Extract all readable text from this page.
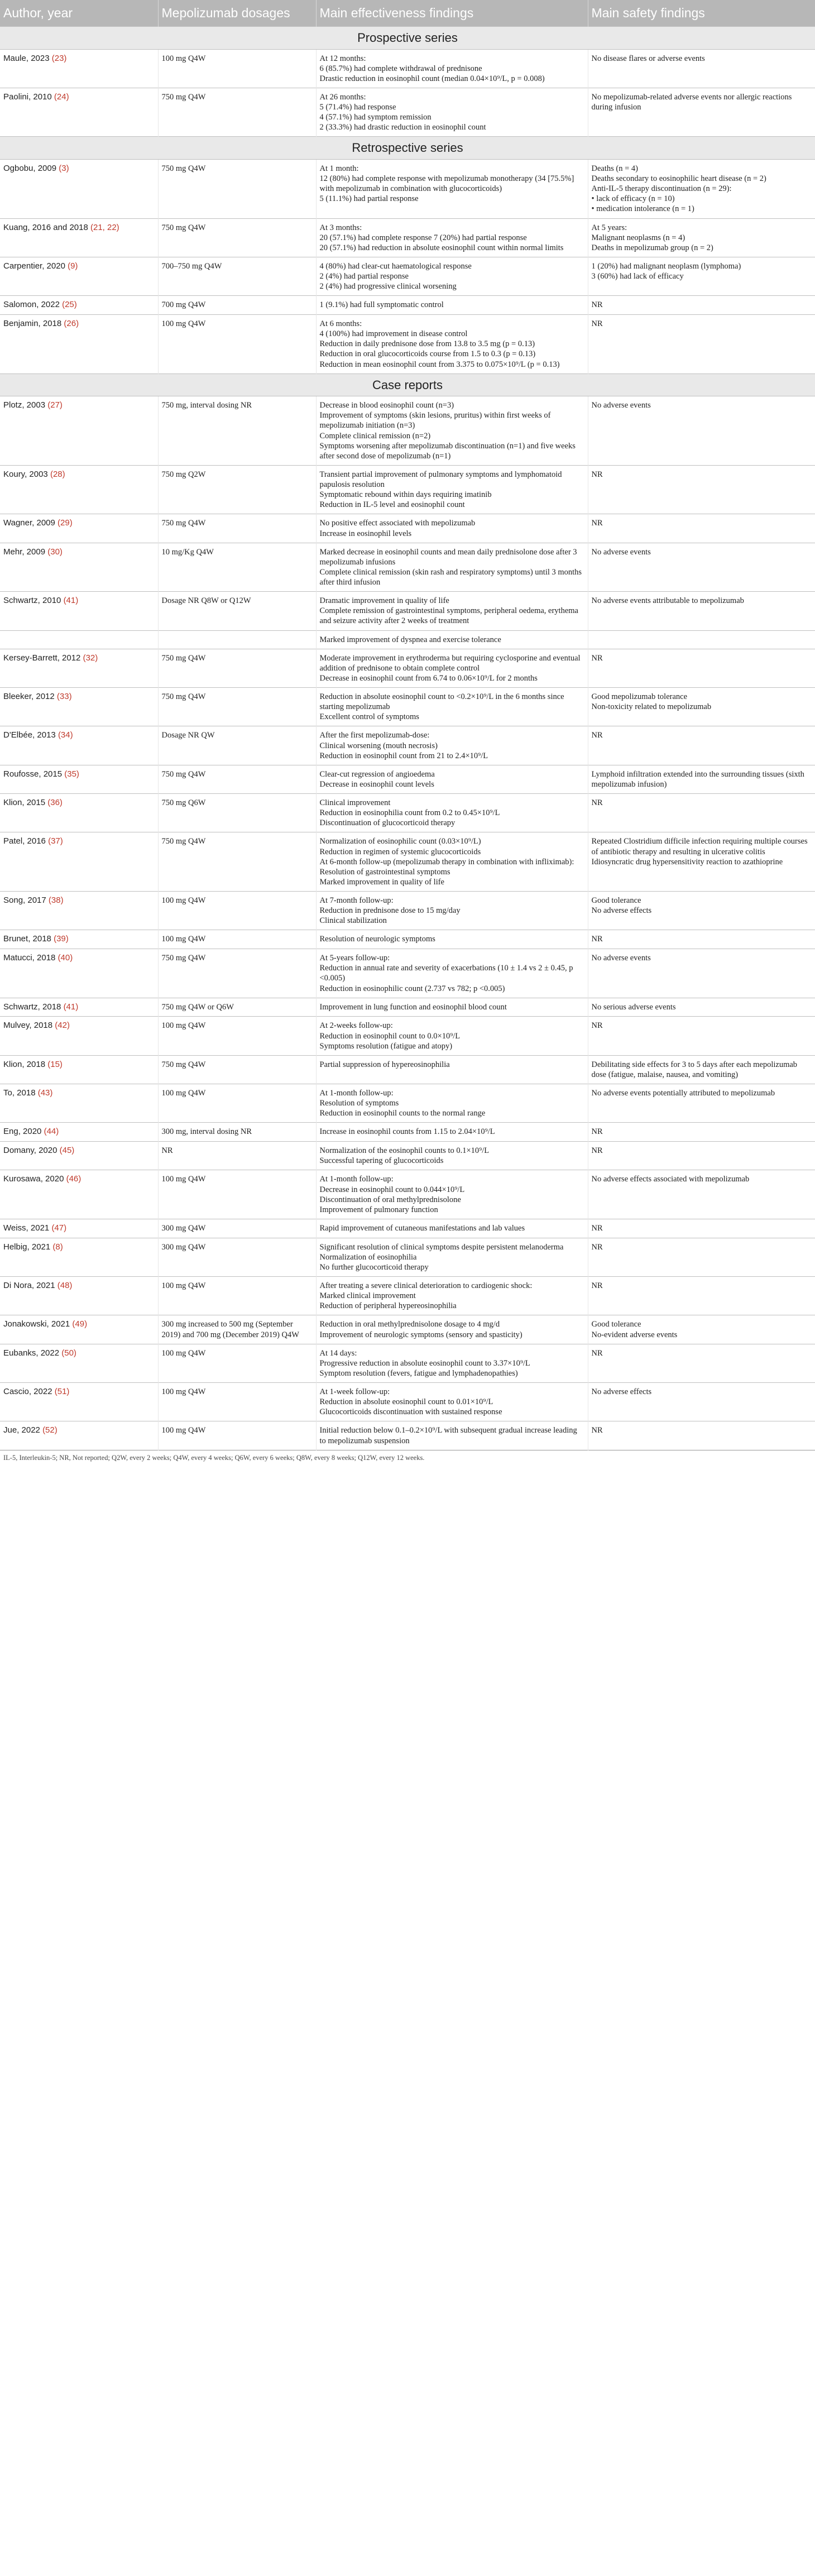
Author, year	Mepolizumab dosages	Main effectiveness findings	Main safety findings
Prospective series			
Maule, 2023 (23)	100 mg Q4W	At 12 months:
6 (85.7%) had complete withdrawal of prednisone
Drastic reduction in eosinophil count (median 0.04×10⁹/L, p = 0.008)	No disease flares or adverse events

Paolini, 2010 (24)	750 mg Q4W	At 26 months:
5 (71.4%) had response
4 (57.1%) had symptom remission
2 (33.3%) had drastic reduction in eosinophil count	No mepolizumab-related adverse events nor allergic reactions during infusion

Retrospective series			
Ogbobu, 2009 (3)	750 mg Q4W	At 1 month:
12 (80%) had complete response with mepolizumab monotherapy (34 [75.5%] with mepolizumab in combination with glucocorticoids)
5 (11.1%) had partial response	Deaths (n = 4)
Deaths secondary to eosinophilic heart disease (n = 2)
Anti-IL-5 therapy discontinuation (n = 29):
• lack of efficacy (n = 10)
• medication intolerance (n = 1)

Kuang, 2016 and 2018 (21, 22)	750 mg Q4W	At 3 months:
20 (57.1%) had complete response 7 (20%) had partial response
20 (57.1%) had reduction in absolute eosinophil count within normal limits	At 5 years:
Malignant neoplasms (n = 4)
Deaths in mepolizumab group (n = 2)

Carpentier, 2020 (9)	700–750 mg Q4W	4 (80%) had clear-cut haematological response
2 (4%) had partial response
2 (4%) had progressive clinical worsening	1 (20%) had malignant neoplasm (lymphoma)
3 (60%) had lack of efficacy

Salomon, 2022 (25)	700 mg Q4W	1 (9.1%) had full symptomatic control	NR

Benjamin, 2018 (26)	100 mg Q4W	At 6 months:
4 (100%) had improvement in disease control
Reduction in daily prednisone dose from 13.8 to 3.5 mg (p = 0.13)
Reduction in oral glucocorticoids course from 1.5 to 0.3 (p = 0.13)
Reduction in mean eosinophil count from 3.375 to 0.075×10⁹/L (p = 0.13)	NR

Case reports			
Plotz, 2003 (27)	750 mg, interval dosing NR	Decrease in blood eosinophil count (n=3)
Improvement of symptoms (skin lesions, pruritus) within first weeks of mepolizumab initiation (n=3)
Complete clinical remission (n=2)
Symptoms worsening after mepolizumab discontinuation (n=1) and five weeks after second dose of mepolizumab (n=1)	No adverse events

Koury, 2003 (28)	750 mg Q2W	Transient partial improvement of pulmonary symptoms and lymphomatoid papulosis resolution
Symptomatic rebound within days requiring imatinib
Reduction in IL-5 level and eosinophil count	NR

Wagner, 2009 (29)	750 mg Q4W	No positive effect associated with mepolizumab
Increase in eosinophil levels	NR

Mehr, 2009 (30)	10 mg/Kg Q4W	Marked decrease in eosinophil counts and mean daily prednisolone dose after 3 mepolizumab infusions
Complete clinical remission (skin rash and respiratory symptoms) until 3 months after third infusion	No adverse events

Schwartz, 2010 (41)	Dosage NR Q8W or Q12W	Dramatic improvement in quality of life
Complete remission of gastrointestinal symptoms, peripheral oedema, erythema and seizure activity after 2 weeks of treatment	No adverse events attributable to mepolizumab

		Marked improvement of dyspnea and exercise tolerance	

Kersey-Barrett, 2012 (32)	750 mg Q4W	Moderate improvement in erythroderma but requiring cyclosporine and eventual addition of prednisone to obtain complete control
Decrease in eosinophil count from 6.74 to 0.06×10⁹/L for 2 months	NR

Bleeker, 2012 (33)	750 mg Q4W	Reduction in absolute eosinophil count to <0.2×10⁹/L in the 6 months since starting mepolizumab
Excellent control of symptoms	Good mepolizumab tolerance
Non-toxicity related to mepolizumab

D'Elbée, 2013 (34)	Dosage NR QW	After the first mepolizumab-dose:
Clinical worsening (mouth necrosis)
Reduction in eosinophil count from 21 to 2.4×10⁹/L	NR

Roufosse, 2015 (35)	750 mg Q4W	Clear-cut regression of angioedema
Decrease in eosinophil count levels	Lymphoid infiltration extended into the surrounding tissues (sixth mepolizumab infusion)

Klion, 2015 (36)	750 mg Q6W	Clinical improvement
Reduction in eosinophilia count from 0.2 to 0.45×10⁹/L
Discontinuation of glucocorticoid therapy	NR

Patel, 2016 (37)	750 mg Q4W	Normalization of eosinophilic count (0.03×10⁹/L)
Reduction in regimen of systemic glucocorticoids
At 6-month follow-up (mepolizumab therapy in combination with infliximab):
Resolution of gastrointestinal symptoms
Marked improvement in quality of life	Repeated Clostridium difficile infection requiring multiple courses of antibiotic therapy and resulting in ulcerative colitis
Idiosyncratic drug hypersensitivity reaction to azathioprine

Song, 2017 (38)	100 mg Q4W	At 7-month follow-up:
Reduction in prednisone dose to 15 mg/day
Clinical stabilization	Good tolerance
No adverse effects

Brunet, 2018 (39)	100 mg Q4W	Resolution of neurologic symptoms	NR

Matucci, 2018 (40)	750 mg Q4W	At 5-years follow-up:
Reduction in annual rate and severity of exacerbations (10 ± 1.4 vs 2 ± 0.45, p <0.005)
Reduction in eosinophilic count (2.737 vs 782; p <0.005)	No adverse events

Schwartz, 2018 (41)	750 mg Q4W or Q6W	Improvement in lung function and eosinophil blood count	No serious adverse events

Mulvey, 2018 (42)	100 mg Q4W	At 2-weeks follow-up:
Reduction in eosinophil count to 0.0×10⁹/L
Symptoms resolution (fatigue and atopy)	NR

Klion, 2018 (15)	750 mg Q4W	Partial suppression of hypereosinophilia	Debilitating side effects for 3 to 5 days after each mepolizumab dose (fatigue, malaise, nausea, and vomiting)

To, 2018 (43)	100 mg Q4W	At 1-month follow-up:
Resolution of symptoms
Reduction in eosinophil counts to the normal range	No adverse events potentially attributed to mepolizumab

Eng, 2020 (44)	300 mg, interval dosing NR	Increase in eosinophil counts from 1.15 to 2.04×10⁹/L	NR

Domany, 2020 (45)	NR	Normalization of the eosinophil counts to 0.1×10⁹/L
Successful tapering of glucocorticoids	NR

Kurosawa, 2020 (46)	100 mg Q4W	At 1-month follow-up:
Decrease in eosinophil count to 0.044×10⁹/L
Discontinuation of oral methylprednisolone
Improvement of pulmonary function	No adverse effects associated with mepolizumab

Weiss, 2021 (47)	300 mg Q4W	Rapid improvement of cutaneous manifestations and lab values	NR

Helbig, 2021 (8)	300 mg Q4W	Significant resolution of clinical symptoms despite persistent melanoderma
Normalization of eosinophilia
No further glucocorticoid therapy	NR

Di Nora, 2021 (48)	100 mg Q4W	After treating a severe clinical deterioration to cardiogenic shock:
Marked clinical improvement
Reduction of peripheral hypereosinophilia	NR

Jonakowski, 2021 (49)	300 mg increased to 500 mg (September 2019) and 700 mg (December 2019) Q4W	Reduction in oral methylprednisolone dosage to 4 mg/d
Improvement of neurologic symptoms (sensory and spasticity)	Good tolerance
No-evident adverse events

Eubanks, 2022 (50)	100 mg Q4W	At 14 days:
Progressive reduction in absolute eosinophil count to 3.37×10⁹/L
Symptom resolution (fevers, fatigue and lymphadenopathies)	NR

Cascio, 2022 (51)	100 mg Q4W	At 1-week follow-up:
Reduction in absolute eosinophil count to 0.01×10⁹/L
Glucocorticoids discontinuation with sustained response	No adverse effects

Jue, 2022 (52)	100 mg Q4W	Initial reduction below 0.1–0.2×10⁹/L with subsequent gradual increase leading to mepolizumab suspension	NR

IL-5, Interleukin-5; NR, Not reported; Q2W, every 2 weeks; Q4W, every 4 weeks; Q6W, every 6 weeks; Q8W, every 8 weeks; Q12W, every 12 weeks.			
